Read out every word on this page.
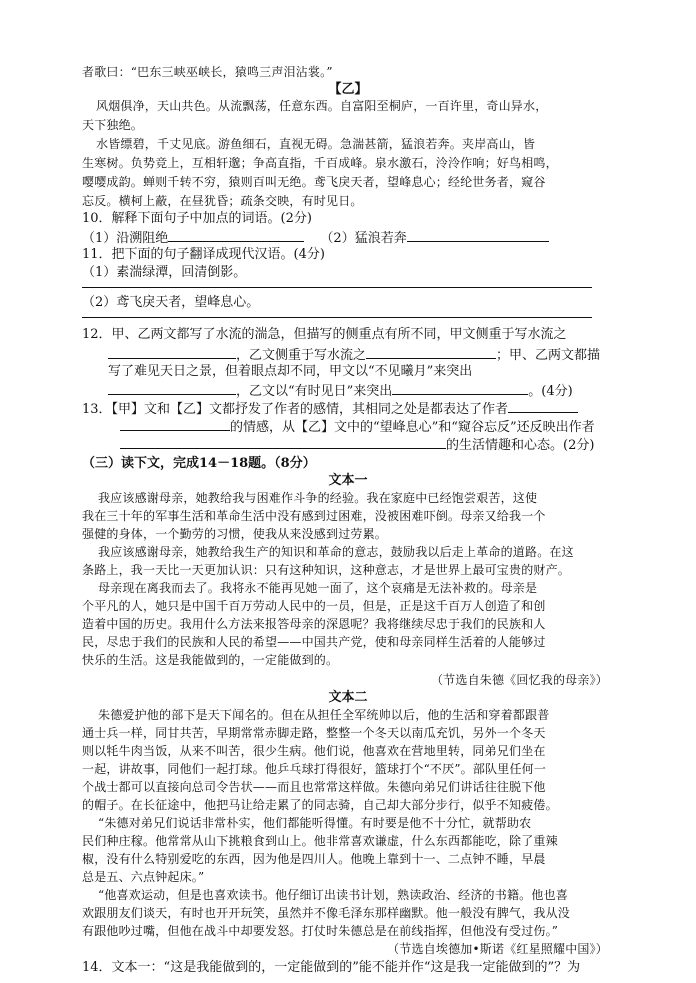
者歌曰：“巴东三峡巫峡长，猿鸣三声泪沾裳。”
【乙】
风烟俱净，天山共色。从流飘荡，任意东西。自富阳至桐庐，一百许里，奇山异水，
天下独绝。
水皆缥碧，千丈见底。游鱼细石，直视无碍。急湍甚箭，猛浪若奔。夹岸高山，皆
生寒树。负势竞上，互相轩邈；争高直指，千百成峰。泉水激石，泠泠作响；好鸟相鸣，
嘤嘤成韵。蝉则千转不穷，猿则百叫无绝。鸢飞戾天者，望峰息心；经纶世务者，窥谷
忘反。横柯上蔽，在昼犹昏；疏条交映，有时见日。
10．解释下面句子中加点的词语。(2分)
（1）沿溯阻绝	（2）猛浪若奔
11．把下面的句子翻译成现代汉语。(4分)
（1）素湍绿潭，回清倒影。
（2）鸢飞戾天者，望峰息心。
12．甲、乙两文都写了水流的湍急，但描写的侧重点有所不同，甲文侧重于写水流之
，乙文侧重于写水流之	；甲、乙两文都描
写了难见天日之景，但着眼点却不同，甲文以“不见曦月”来突出
，乙文以“有时见日”来突出	。(4分)
13．【甲】文和【乙】文都抒发了作者的感情，其相同之处是都表达了作者
的情感，从【乙】文中的“望峰息心”和“窥谷忘反”还反映出作者
的生活情趣和心态。(2分)
（三）读下文，完成14－18题。（8分）
文本一
我应该感谢母亲，她教给我与困难作斗争的经验。我在家庭中已经饱尝艰苦，这使
我在三十年的军事生活和革命生活中没有感到过困难，没被困难吓倒。母亲又给我一个
强健的身体，一个勤劳的习惯，使我从来没感到过劳累。
我应该感谢母亲，她教给我生产的知识和革命的意志，鼓励我以后走上革命的道路。在这
条路上，我一天比一天更加认识：只有这种知识，这种意志，才是世界上最可宝贵的财产。
母亲现在离我而去了。我将永不能再见她一面了，这个哀痛是无法补救的。母亲是
个平凡的人，她只是中国千百万劳动人民中的一员，但是，正是这千百万人创造了和创
造着中国的历史。我用什么方法来报答母亲的深恩呢？我将继续尽忠于我们的民族和人
民，尽忠于我们的民族和人民的希望——中国共产党，使和母亲同样生活着的人能够过
快乐的生活。这是我能做到的，一定能做到的。
（节选自朱德《回忆我的母亲》）
文本二
朱德爱护他的部下是天下闻名的。但在从担任全军统帅以后，他的生活和穿着都跟普
通士兵一样，同甘共苦，早期常常赤脚走路，整整一个冬天以南瓜充饥，另外一个冬天
则以牦牛肉当饭，从来不叫苦，很少生病。他们说，他喜欢在营地里转，同弟兄们坐在
一起，讲故事，同他们一起打球。他乒乓球打得很好，篮球打个“不厌”。部队里任何一
个战士都可以直接向总司令告状——而且也常常这样做。朱德向弟兄们讲话往往脱下他
的帽子。在长征途中，他把马让给走累了的同志骑，自己却大部分步行，似乎不知疲倦。
“朱德对弟兄们说话非常朴实，他们都能听得懂。有时要是他不十分忙，就帮助农
民们种庄稼。他常常从山下挑粮食到山上。他非常喜欢谦虚，什么东西都能吃，除了重辣
椒，没有什么特别爱吃的东西，因为他是四川人。他晚上靠到十一、二点钟不睡，早晨
总是五、六点钟起床。”
“他喜欢运动，但是也喜欢读书。他仔细订出读书计划，熟读政治、经济的书籍。他也喜
欢跟朋友们谈天，有时也开开玩笑，虽然并不像毛泽东那样幽默。他一般没有脾气，我从没
有跟他吵过嘴，但他在战斗中却要发怒。打仗时朱德总是在前线指挥，但他没有受过伤。”
（节选自埃德加•斯诺《红星照耀中国》）
14．文本一：“这是我能做到的，一定能做到的”能不能并作“这是我一定能做到的”？为
